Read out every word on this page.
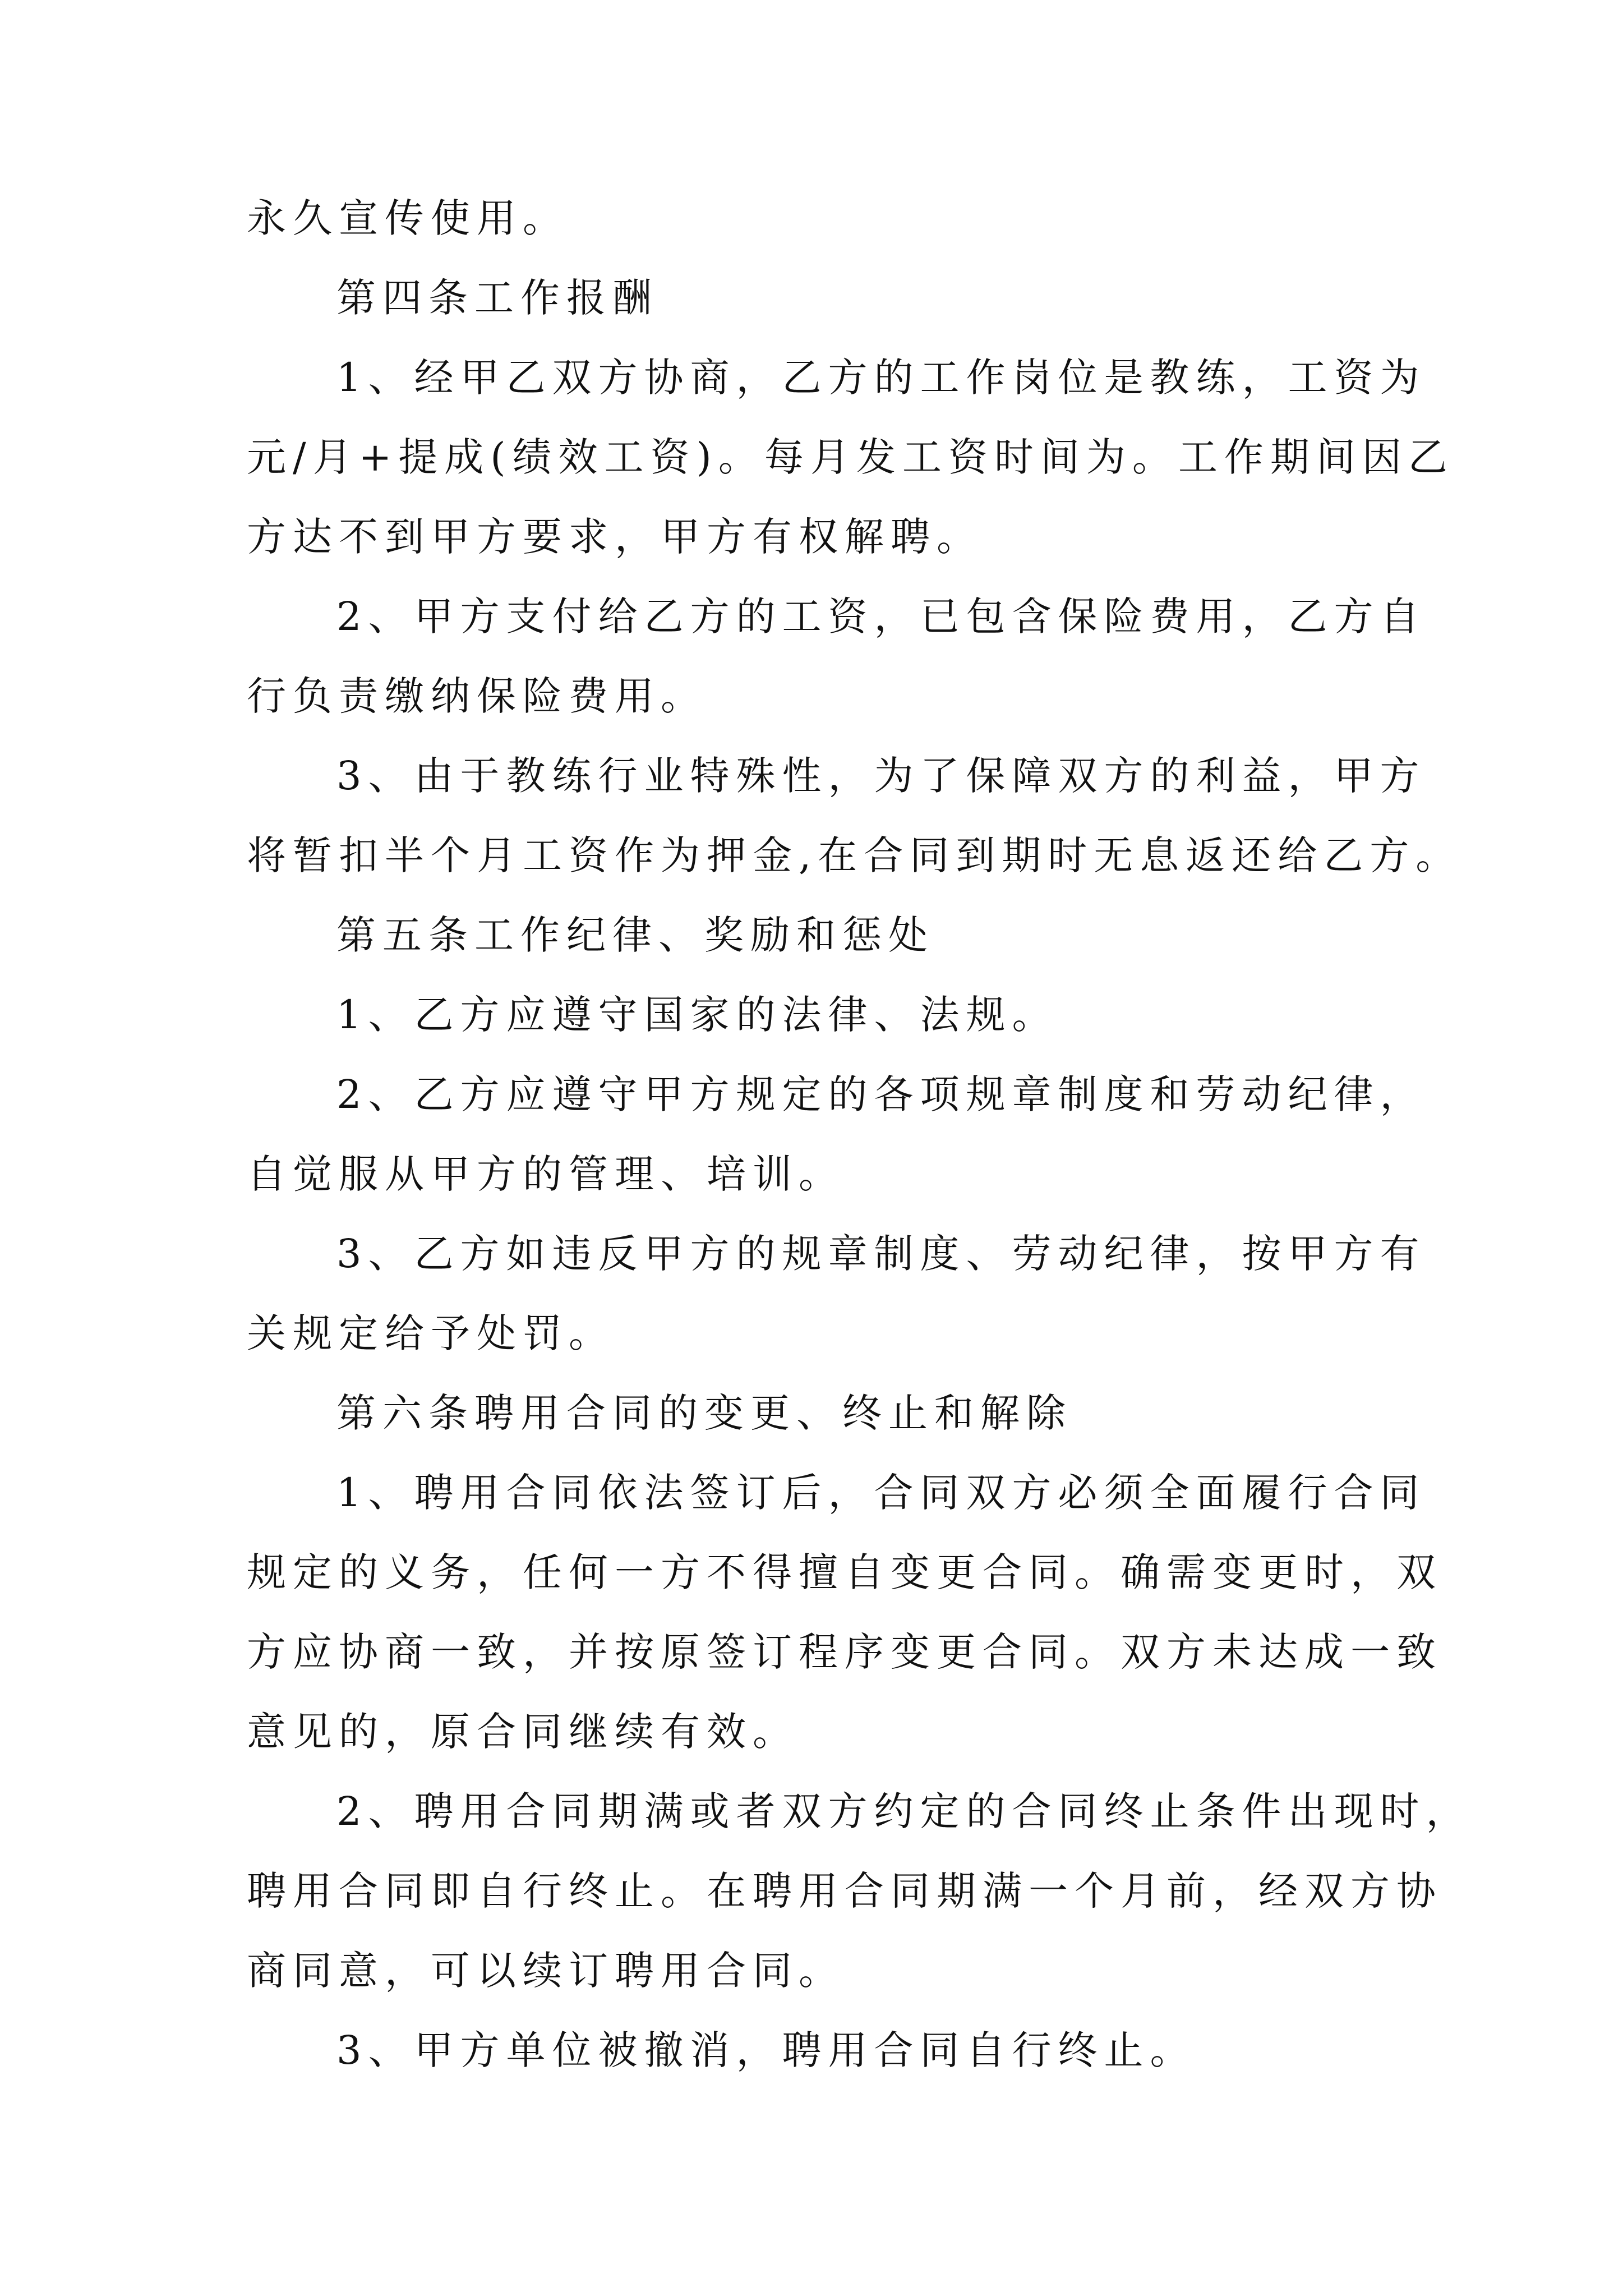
永久宣传使用。
第四条工作报酬
1、经甲乙双方协商，乙方的工作岗位是教练，工资为
元/月+提成(绩效工资)。每月发工资时间为。工作期间因乙
方达不到甲方要求，甲方有权解聘。
2、甲方支付给乙方的工资，已包含保险费用，乙方自
行负责缴纳保险费用。
3、由于教练行业特殊性，为了保障双方的利益，甲方
将暂扣半个月工资作为押金,在合同到期时无息返还给乙方。
第五条工作纪律、奖励和惩处
1、乙方应遵守国家的法律、法规。
2、乙方应遵守甲方规定的各项规章制度和劳动纪律，
自觉服从甲方的管理、培训。
3、乙方如违反甲方的规章制度、劳动纪律，按甲方有
关规定给予处罚。
第六条聘用合同的变更、终止和解除
1、聘用合同依法签订后，合同双方必须全面履行合同
规定的义务，任何一方不得擅自变更合同。确需变更时，双
方应协商一致，并按原签订程序变更合同。双方未达成一致
意见的，原合同继续有效。
2、聘用合同期满或者双方约定的合同终止条件出现时，
聘用合同即自行终止。在聘用合同期满一个月前，经双方协
商同意，可以续订聘用合同。
3、甲方单位被撤消，聘用合同自行终止。
